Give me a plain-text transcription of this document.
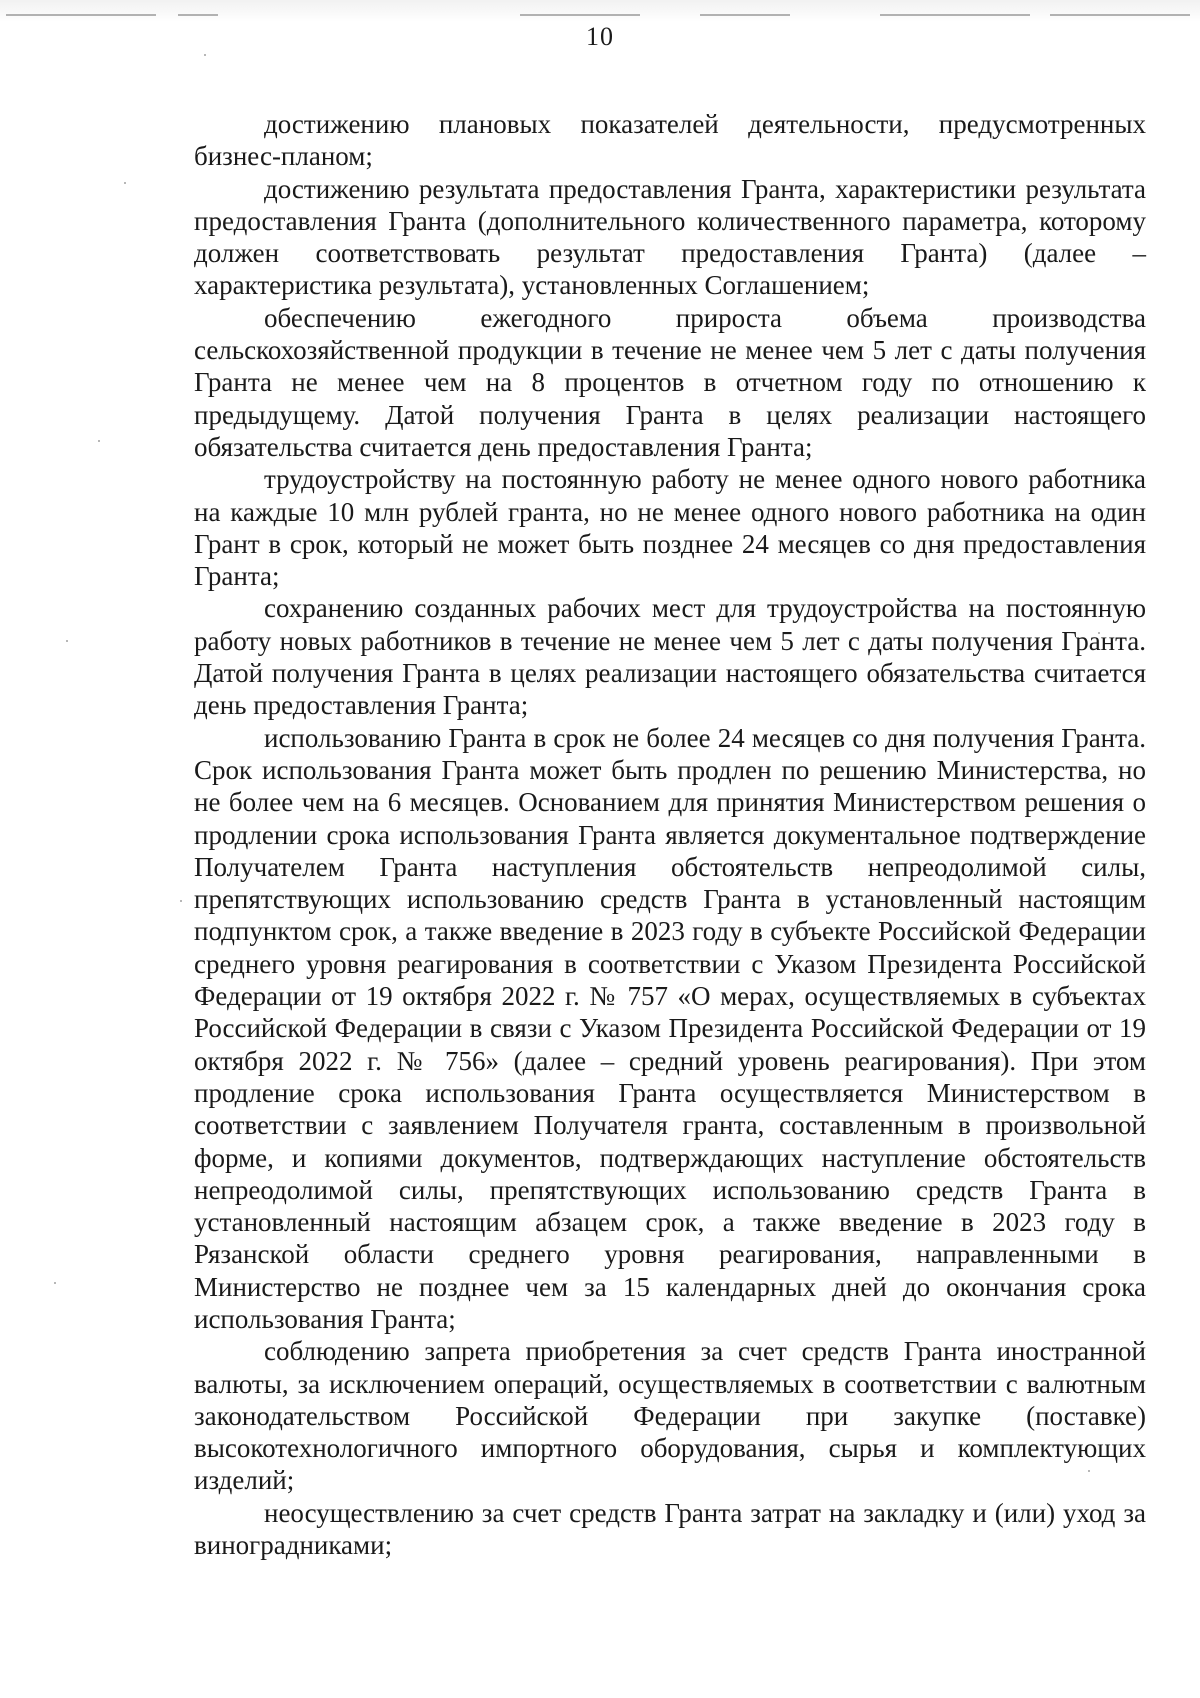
10

достижению плановых показателей деятельности, предусмотренных бизнес-планом;

достижению результата предоставления Гранта, характеристики результата предоставления Гранта (дополнительного количественного параметра, которому должен соответствовать результат предоставления Гранта) (далее – характеристика результата), установленных Соглашением;

обеспечению ежегодного прироста объема производства сельскохозяйственной продукции в течение не менее чем 5 лет с даты получения Гранта не менее чем на 8 процентов в отчетном году по отношению к предыдущему. Датой получения Гранта в целях реализации настоящего обязательства считается день предоставления Гранта;

трудоустройству на постоянную работу не менее одного нового работника на каждые 10 млн рублей гранта, но не менее одного нового работника на один Грант в срок, который не может быть позднее 24 месяцев со дня предоставления Гранта;

сохранению созданных рабочих мест для трудоустройства на постоянную работу новых работников в течение не менее чем 5 лет с даты получения Гранта. Датой получения Гранта в целях реализации настоящего обязательства считается день предоставления Гранта;

использованию Гранта в срок не более 24 месяцев со дня получения Гранта. Срок использования Гранта может быть продлен по решению Министерства, но не более чем на 6 месяцев. Основанием для принятия Министерством решения о продлении срока использования Гранта является документальное подтверждение Получателем Гранта наступления обстоятельств непреодолимой силы, препятствующих использованию средств Гранта в установленный настоящим подпунктом срок, а также введение в 2023 году в субъекте Российской Федерации среднего уровня реагирования в соответствии с Указом Президента Российской Федерации от 19 октября 2022 г. № 757 «О мерах, осуществляемых в субъектах Российской Федерации в связи с Указом Президента Российской Федерации от 19 октября 2022 г. № 756» (далее – средний уровень реагирования). При этом продление срока использования Гранта осуществляется Министерством в соответствии с заявлением Получателя гранта, составленным в произвольной форме, и копиями документов, подтверждающих наступление обстоятельств непреодолимой силы, препятствующих использованию средств Гранта в установленный настоящим абзацем срок, а также введение в 2023 году в Рязанской области среднего уровня реагирования, направленными в Министерство не позднее чем за 15 календарных дней до окончания срока использования Гранта;

соблюдению запрета приобретения за счет средств Гранта иностранной валюты, за исключением операций, осуществляемых в соответствии с валютным законодательством Российской Федерации при закупке (поставке) высокотехнологичного импортного оборудования, сырья и комплектующих изделий;

неосуществлению за счет средств Гранта затрат на закладку и (или) уход за виноградниками;
